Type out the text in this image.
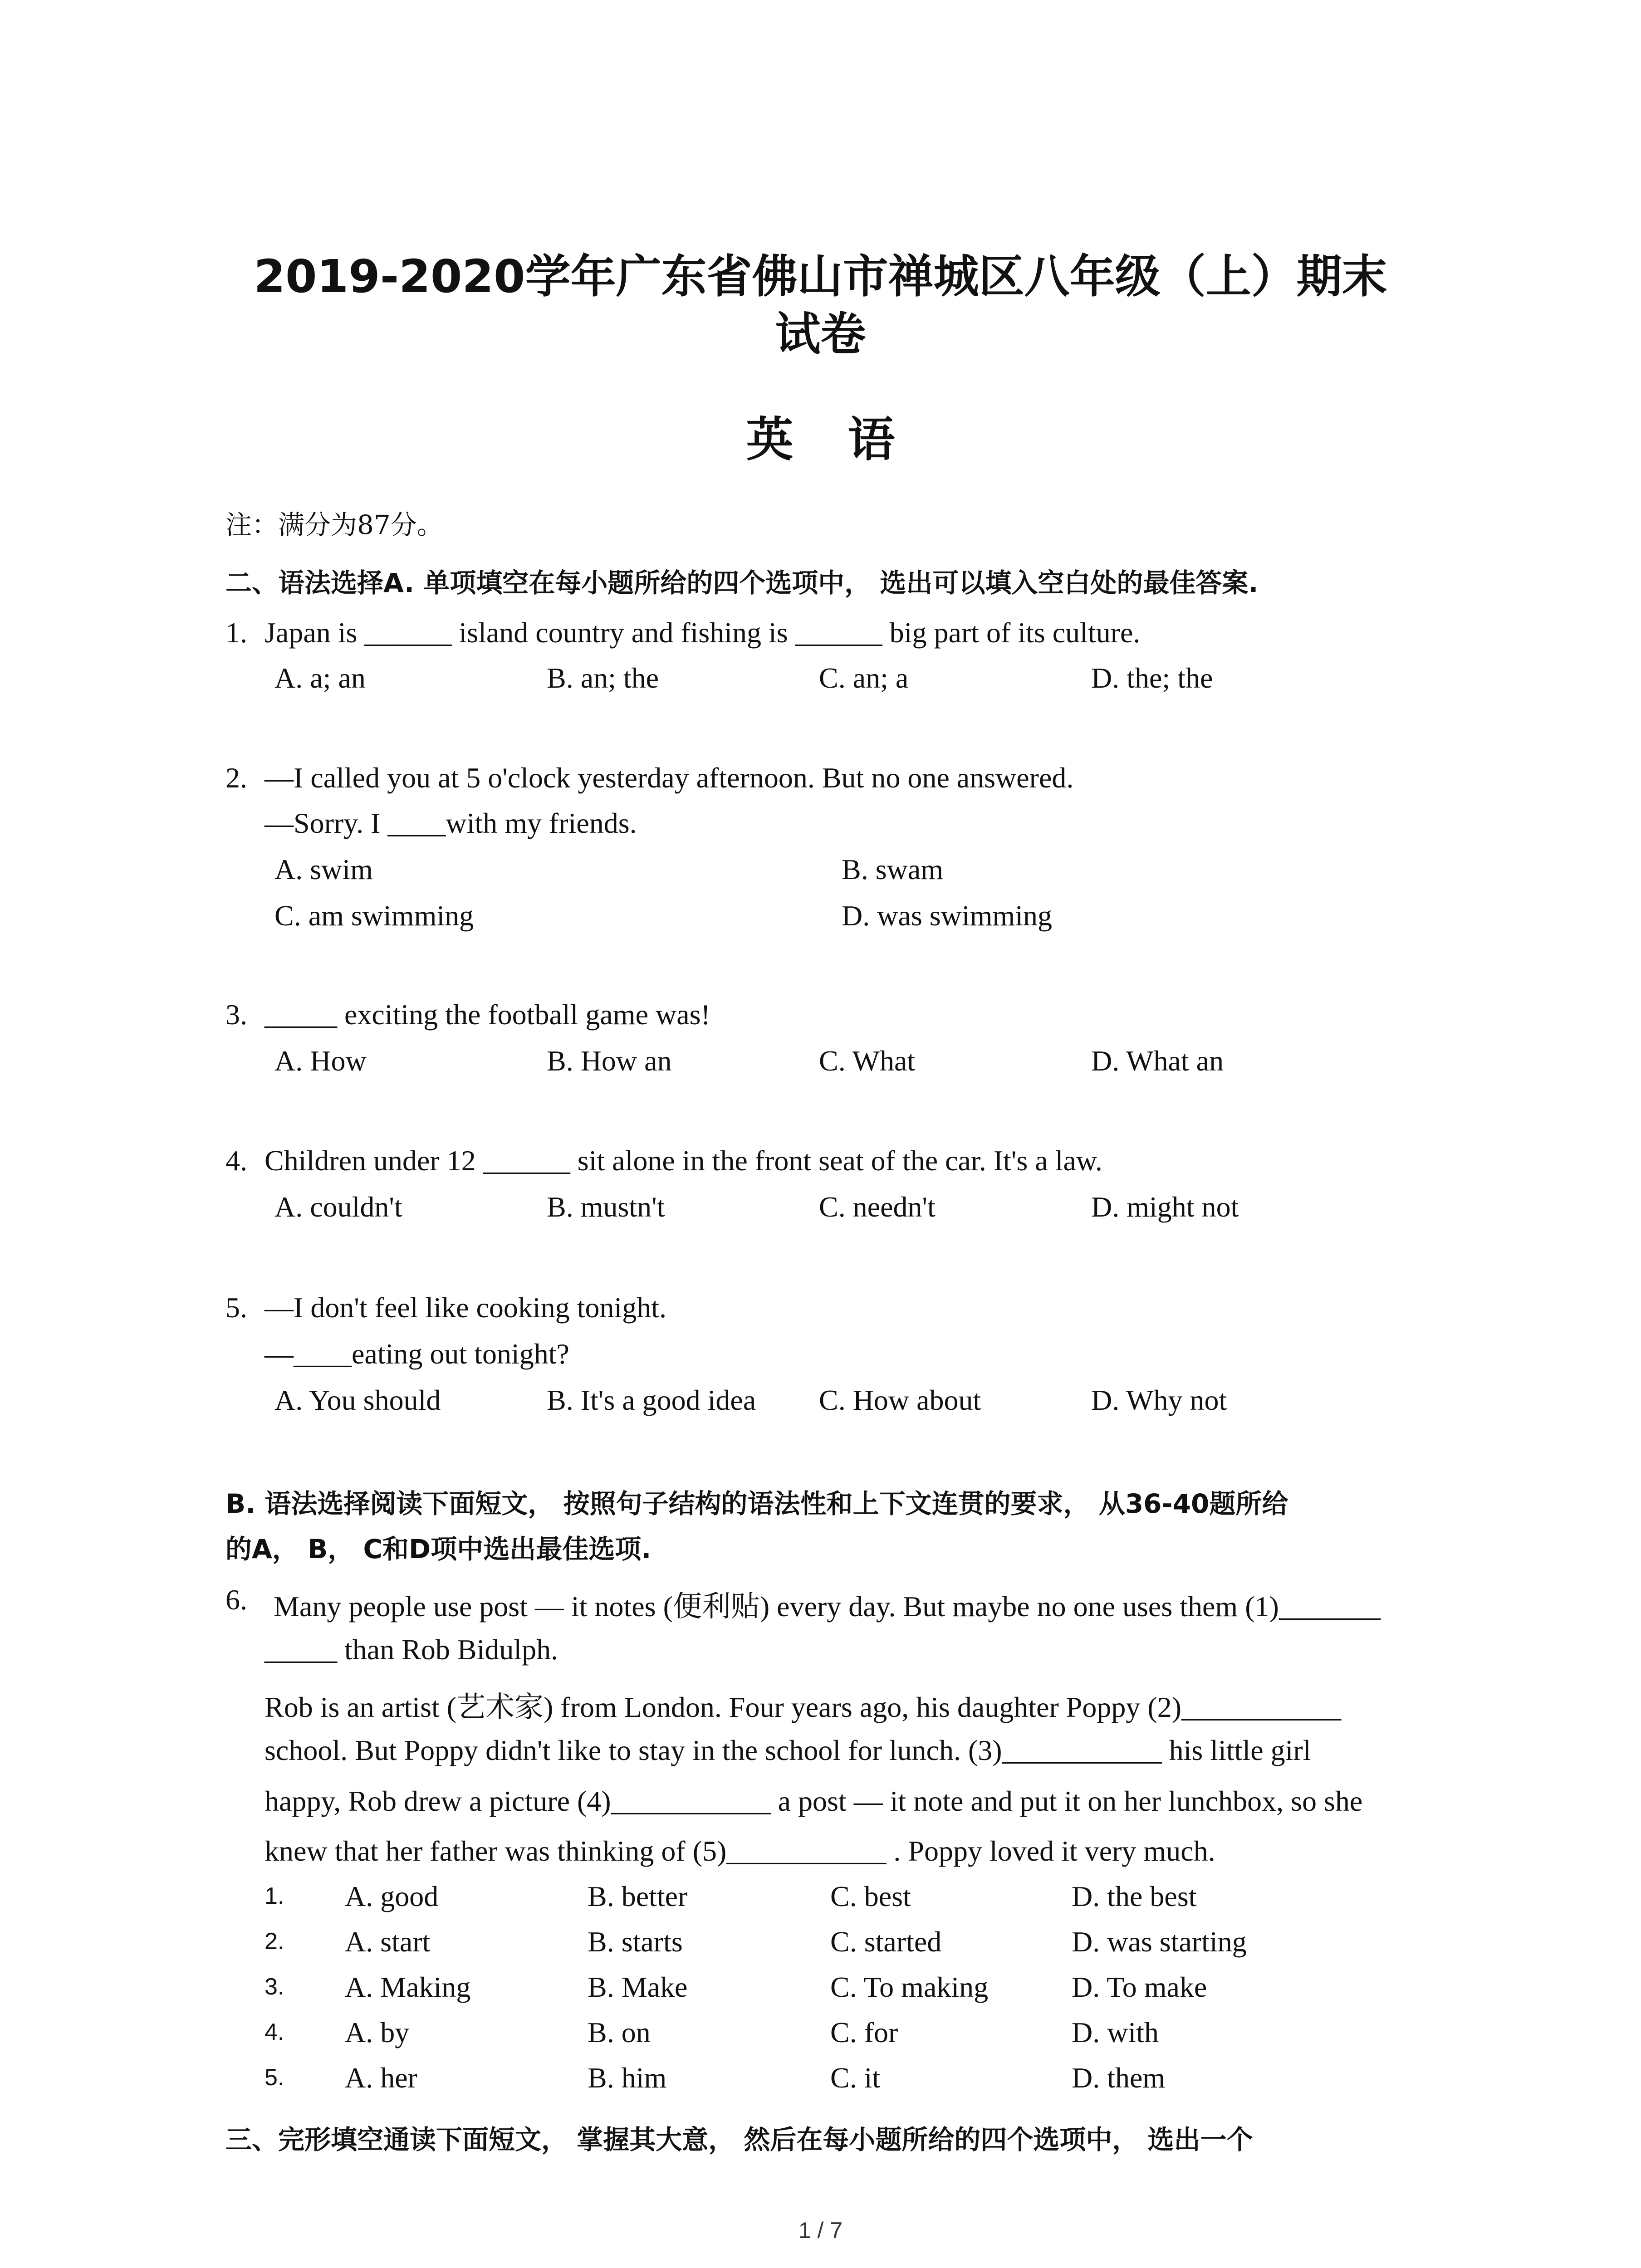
2019-2020学年广东省佛山市禅城区八年级（上）期末
试卷
英语
注：满分为87分。
二、语法选择A. 单项填空在每小题所给的四个选项中， 选出可以填入空白处的最佳答案.
1. Japan is ______ island country and fishing is ______ big part of its culture.
A. a; an	B. an; the	C. an; a	D. the; the
2. —I called you at 5 o'clock yesterday afternoon. But no one answered.
—Sorry. I ____with my friends.
A. swim	B. swam
C. am swimming	D. was swimming
3. _____ exciting the football game was!
A. How	B. How an	C. What	D. What an
4. Children under 12 ______ sit alone in the front seat of the car. It's a law.
A. couldn't	B. mustn't	C. needn't	D. might not
5. —I don't feel like cooking tonight.
—____eating out tonight?
A. You should	B. It's a good idea C. How about	D. Why not
B. 语法选择阅读下面短文， 按照句子结构的语法性和上下文连贯的要求， 从36-40题所给
的A， B， C和D项中选出最佳选项.
6. Many people use post — it notes (便利贴) every day. But maybe no one uses them (1)_______
_____ than Rob Bidulph.
Rob is an artist (艺术家) from London. Four years ago, his daughter Poppy (2)___________
school. But Poppy didn't like to stay in the school for lunch. (3)___________ his little girl
happy, Rob drew a picture (4)___________ a post — it note and put it on her lunchbox, so she
knew that her father was thinking of (5)___________ . Poppy loved it very much.
1. A. good	B. better	C. best	D. the best
2. A. start	B. starts	C. started	D. was starting
3. A. Making	B. Make	C. To making	D. To make
4. A. by	B. on	C. for	D. with
5. A. her	B. him	C. it	D. them
三、完形填空通读下面短文， 掌握其大意， 然后在每小题所给的四个选项中， 选出一个
1 / 7
